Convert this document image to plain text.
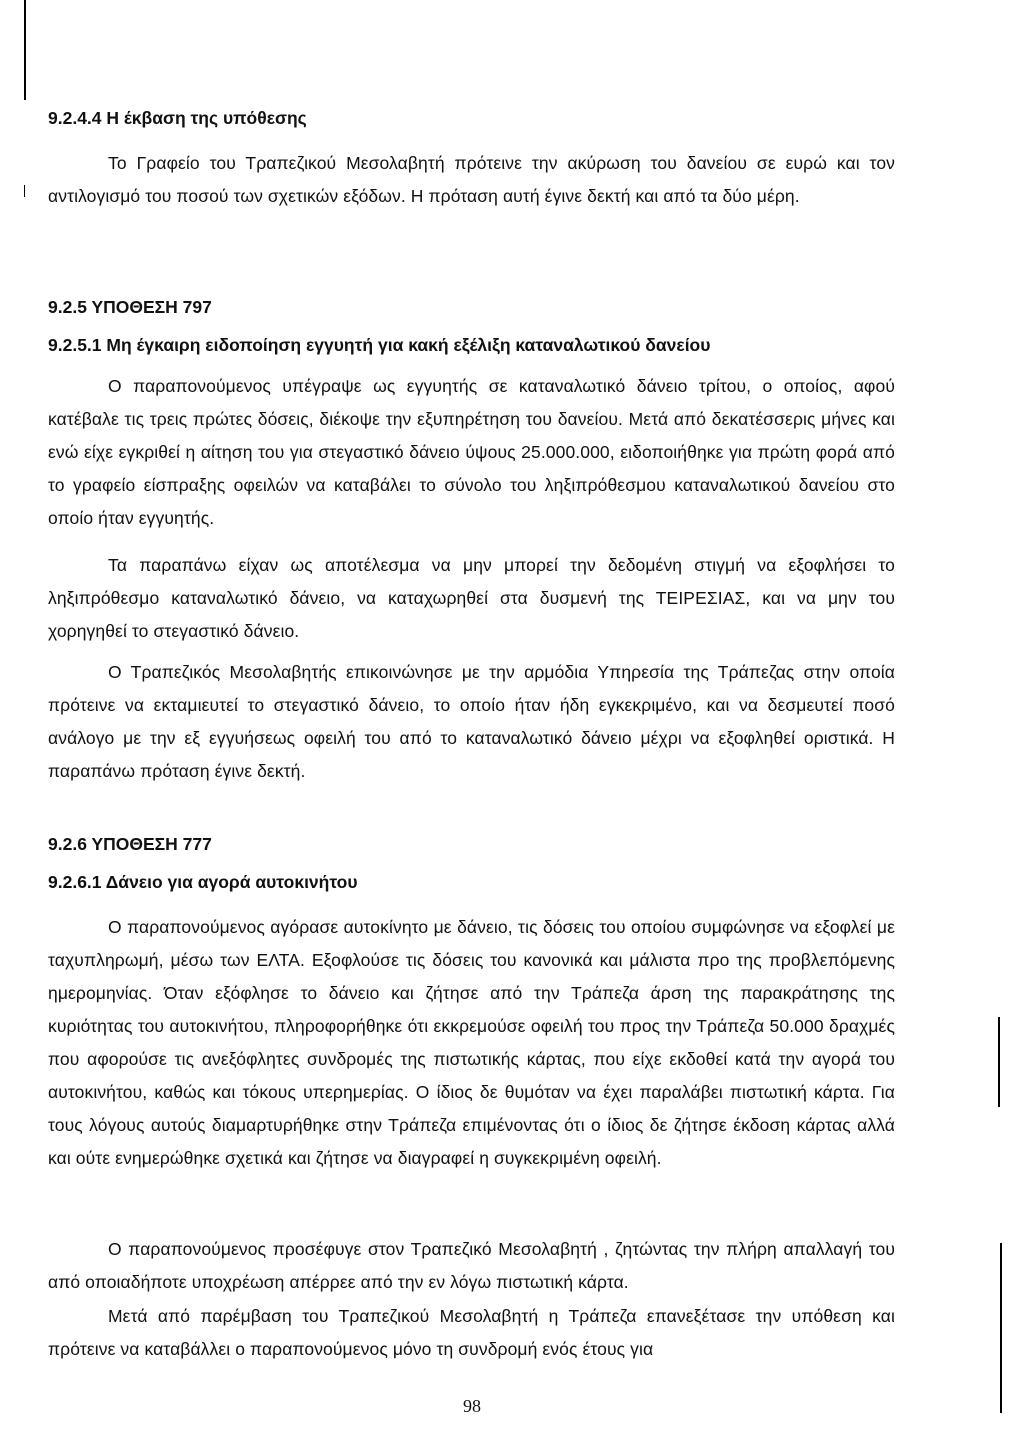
9.2.4.4 Η έκβαση της υπόθεσης

Το Γραφείο του Τραπεζικού Μεσολαβητή πρότεινε την ακύρωση του δανείου σε ευρώ και τον αντιλογισμό του ποσού των σχετικών εξόδων. Η πρόταση αυτή έγινε δεκτή και από τα δύο μέρη.

9.2.5 ΥΠΟΘΕΣΗ 797

9.2.5.1 Μη έγκαιρη ειδοποίηση εγγυητή για κακή εξέλιξη καταναλωτικού δανείου

Ο παραπονούμενος υπέγραψε ως εγγυητής σε καταναλωτικό δάνειο τρίτου, ο οποίος, αφού κατέβαλε τις τρεις πρώτες δόσεις, διέκοψε την εξυπηρέτηση του δανείου. Μετά από δεκατέσσερις μήνες και ενώ είχε εγκριθεί η αίτηση του για στεγαστικό δάνειο ύψους 25.000.000, ειδοποιήθηκε για πρώτη φορά από το γραφείο είσπραξης οφειλών να καταβάλει το σύνολο του ληξιπρόθεσμου καταναλωτικού δανείου στο οποίο ήταν εγγυητής.

Τα παραπάνω είχαν ως αποτέλεσμα να μην μπορεί την δεδομένη στιγμή να εξοφλήσει το ληξιπρόθεσμο καταναλωτικό δάνειο, να καταχωρηθεί στα δυσμενή της ΤΕΙΡΕΣΙΑΣ, και να μην του χορηγηθεί το στεγαστικό δάνειο.

Ο Τραπεζικός Μεσολαβητής επικοινώνησε με την αρμόδια Υπηρεσία της Τράπεζας στην οποία πρότεινε να εκταμιευτεί το στεγαστικό δάνειο, το οποίο ήταν ήδη εγκεκριμένο, και να δεσμευτεί ποσό ανάλογο με την εξ εγγυήσεως οφειλή του από το καταναλωτικό δάνειο μέχρι να εξοφληθεί οριστικά. Η παραπάνω πρόταση έγινε δεκτή.

9.2.6 ΥΠΟΘΕΣΗ 777

9.2.6.1 Δάνειο για αγορά αυτοκινήτου

Ο παραπονούμενος αγόρασε αυτοκίνητο με δάνειο, τις δόσεις του οποίου συμφώνησε να εξοφλεί με ταχυπληρωμή, μέσω των ΕΛΤΑ. Εξοφλούσε τις δόσεις του κανονικά και μάλιστα προ της προβλεπόμενης ημερομηνίας. Όταν εξόφλησε το δάνειο και ζήτησε από την Τράπεζα άρση της παρακράτησης της κυριότητας του αυτοκινήτου, πληροφορήθηκε ότι εκκρεμούσε οφειλή του προς την Τράπεζα 50.000 δραχμές που αφορούσε τις ανεξόφλητες συνδρομές της πιστωτικής κάρτας, που είχε εκδοθεί κατά την αγορά του αυτοκινήτου, καθώς και τόκους υπερημερίας. Ο ίδιος δε θυμόταν να έχει παραλάβει πιστωτική κάρτα. Για τους λόγους αυτούς διαμαρτυρήθηκε στην Τράπεζα επιμένοντας ότι ο ίδιος δε ζήτησε έκδοση κάρτας αλλά και ούτε ενημερώθηκε σχετικά και ζήτησε να διαγραφεί η συγκεκριμένη οφειλή.

Ο παραπονούμενος προσέφυγε στον Τραπεζικό Μεσολαβητή , ζητώντας την πλήρη απαλλαγή του από οποιαδήποτε υποχρέωση απέρρεε από την εν λόγω πιστωτική κάρτα.

Μετά από παρέμβαση του Τραπεζικού Μεσολαβητή η Τράπεζα επανεξέτασε την υπόθεση και πρότεινε να καταβάλλει ο παραπονούμενος μόνο τη συνδρομή ενός έτους για

98
